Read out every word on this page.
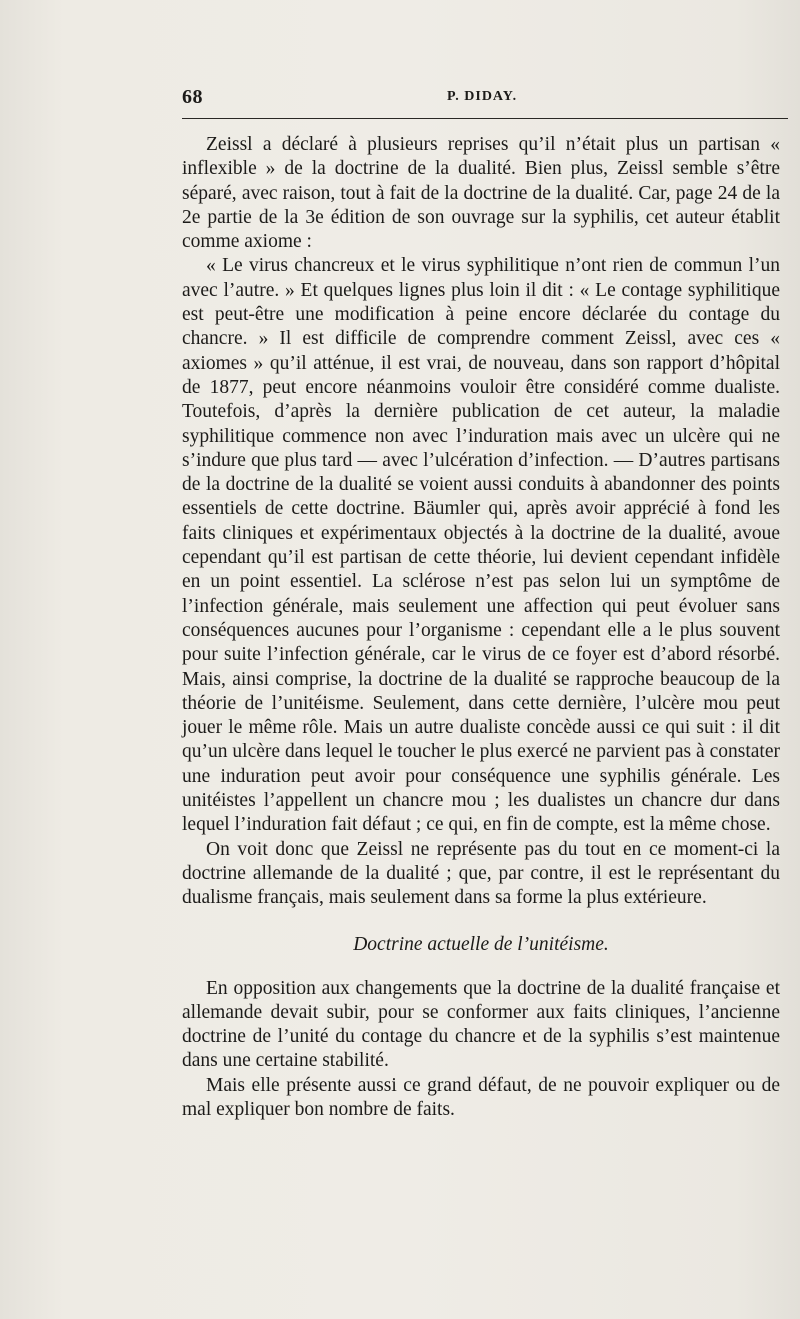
68	P. DIDAY.

Zeissl a déclaré à plusieurs reprises qu’il n’était plus un partisan « inflexible » de la doctrine de la dualité. Bien plus, Zeissl semble s’être séparé, avec raison, tout à fait de la doctrine de la dualité. Car, page 24 de la 2e partie de la 3e édition de son ouvrage sur la syphilis, cet auteur établit comme axiome :

« Le virus chancreux et le virus syphilitique n’ont rien de commun l’un avec l’autre. » Et quelques lignes plus loin il dit : « Le contage syphilitique est peut-être une modification à peine encore déclarée du contage du chancre. » Il est difficile de comprendre comment Zeissl, avec ces « axiomes » qu’il atténue, il est vrai, de nouveau, dans son rapport d’hôpital de 1877, peut encore néanmoins vouloir être considéré comme dualiste. Toutefois, d’après la dernière publication de cet auteur, la maladie syphilitique commence non avec l’induration mais avec un ulcère qui ne s’indure que plus tard — avec l’ulcération d’infection. — D’autres partisans de la doctrine de la dualité se voient aussi conduits à abandonner des points essentiels de cette doctrine. Bäumler qui, après avoir apprécié à fond les faits cliniques et expérimentaux objectés à la doctrine de la dualité, avoue cependant qu’il est partisan de cette théorie, lui devient cependant infidèle en un point essentiel. La sclérose n’est pas selon lui un symptôme de l’infection générale, mais seulement une affection qui peut évoluer sans conséquences aucunes pour l’organisme : cependant elle a le plus souvent pour suite l’infection générale, car le virus de ce foyer est d’abord résorbé. Mais, ainsi comprise, la doctrine de la dualité se rapproche beaucoup de la théorie de l’unitéisme. Seulement, dans cette dernière, l’ulcère mou peut jouer le même rôle. Mais un autre dualiste concède aussi ce qui suit : il dit qu’un ulcère dans lequel le toucher le plus exercé ne parvient pas à constater une induration peut avoir pour conséquence une syphilis générale. Les unitéistes l’appellent un chancre mou ; les dualistes un chancre dur dans lequel l’induration fait défaut ; ce qui, en fin de compte, est la même chose.

On voit donc que Zeissl ne représente pas du tout en ce moment-ci la doctrine allemande de la dualité ; que, par contre, il est le représentant du dualisme français, mais seulement dans sa forme la plus extérieure.

Doctrine actuelle de l’unitéisme.

En opposition aux changements que la doctrine de la dualité française et allemande devait subir, pour se conformer aux faits cliniques, l’ancienne doctrine de l’unité du contage du chancre et de la syphilis s’est maintenue dans une certaine stabilité.

Mais elle présente aussi ce grand défaut, de ne pouvoir expliquer ou de mal expliquer bon nombre de faits.
